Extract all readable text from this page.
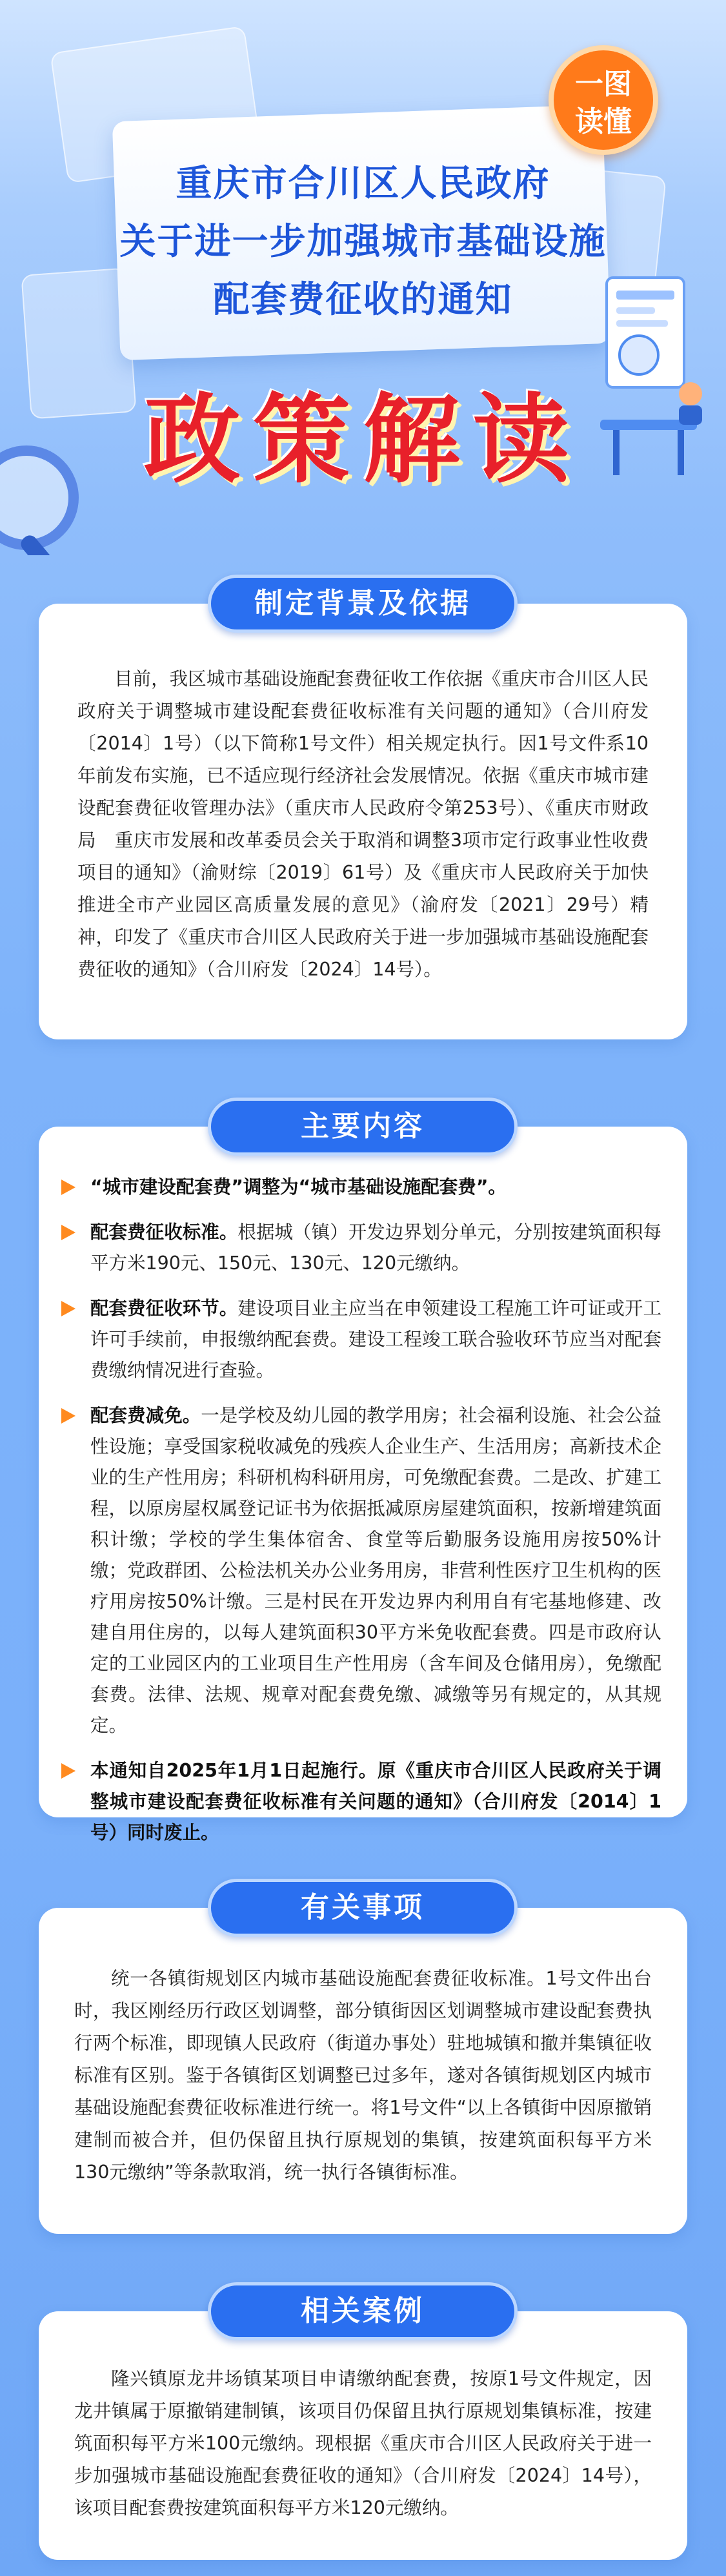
重庆市合川区人民政府
关于进一步加强城市基础设施
配套费征收的通知
一图
读懂
政策解读

目前，我区城市基础设施配套费征收工作依据《重庆市合川区人民政府关于调整城市建设配套费征收标准有关问题的通知》（合川府发〔2014〕1号）（以下简称1号文件）相关规定执行。因1号文件系10年前发布实施，已不适应现行经济社会发展情况。依据《重庆市城市建设配套费征收管理办法》（重庆市人民政府令第253号）、《重庆市财政局　重庆市发展和改革委员会关于取消和调整3项市定行政事业性收费项目的通知》（渝财综〔2019〕61号）及《重庆市人民政府关于加快推进全市产业园区高质量发展的意见》（渝府发〔2021〕29号）精神，印发了《重庆市合川区人民政府关于进一步加强城市基础设施配套费征收的通知》（合川府发〔2024〕14号）。

制定背景及依据
“城市建设配套费”调整为“城市基础设施配套费”。
配套费征收标准。根据城（镇）开发边界划分单元，分别按建筑面积每平方米190元、150元、130元、120元缴纳。
配套费征收环节。建设项目业主应当在申领建设工程施工许可证或开工许可手续前，申报缴纳配套费。建设工程竣工联合验收环节应当对配套费缴纳情况进行查验。
配套费减免。一是学校及幼儿园的教学用房；社会福利设施、社会公益性设施；享受国家税收减免的残疾人企业生产、生活用房；高新技术企业的生产性用房；科研机构科研用房，可免缴配套费。二是改、扩建工程，以原房屋权属登记证书为依据抵减原房屋建筑面积，按新增建筑面积计缴；学校的学生集体宿舍、食堂等后勤服务设施用房按50%计缴；党政群团、公检法机关办公业务用房，非营利性医疗卫生机构的医疗用房按50%计缴。三是村民在开发边界内利用自有宅基地修建、改建自用住房的，以每人建筑面积30平方米免收配套费。四是市政府认定的工业园区内的工业项目生产性用房（含车间及仓储用房），免缴配套费。法律、法规、规章对配套费免缴、减缴等另有规定的，从其规定。
本通知自2025年1月1日起施行。原《重庆市合川区人民政府关于调整城市建设配套费征收标准有关问题的通知》（合川府发〔2014〕1号）同时废止。
主要内容

统一各镇街规划区内城市基础设施配套费征收标准。1号文件出台时，我区刚经历行政区划调整，部分镇街因区划调整城市建设配套费执行两个标准，即现镇人民政府（街道办事处）驻地城镇和撤并集镇征收标准有区别。鉴于各镇街区划调整已过多年，遂对各镇街规划区内城市基础设施配套费征收标准进行统一。将1号文件“以上各镇街中因原撤销建制而被合并，但仍保留且执行原规划的集镇，按建筑面积每平方米130元缴纳”等条款取消，统一执行各镇街标准。

有关事项

隆兴镇原龙井场镇某项目申请缴纳配套费，按原1号文件规定，因龙井镇属于原撤销建制镇，该项目仍保留且执行原规划集镇标准，按建筑面积每平方米100元缴纳。现根据《重庆市合川区人民政府关于进一步加强城市基础设施配套费征收的通知》（合川府发〔2024〕14号），该项目配套费按建筑面积每平方米120元缴纳。

相关案例
